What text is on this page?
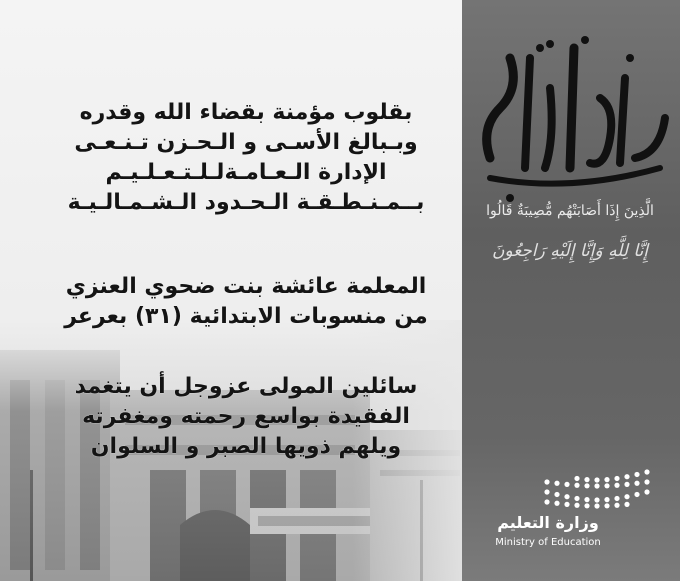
الَّذِينَ إِذَا أَصَابَتْهُم مُّصِيبَةٌ قَالُوا
إِنَّا لِلَّهِ وَإِنَّا إِلَيْهِ رَاجِعُونَ
بقلوب مؤمنة بقضاء الله وقدره
وبـبالغ الأسـى و الـحـزن تـنـعـى
الإدارة الـعـامـةلـلـتـعـلـيـم
بــمـنـطـقـة الـحـدود الـشـمـالـيـة
المعلمة عائشة بنت ضحوي العنزي
من منسوبات الابتدائية (٣١) بعرعر
سائلين المولى عزوجل أن يتغمد
الفقيدة بواسع رحمته ومغفرته
ويلهم ذويها الصبر و السلوان
وزارة التعليم
Ministry of Education
